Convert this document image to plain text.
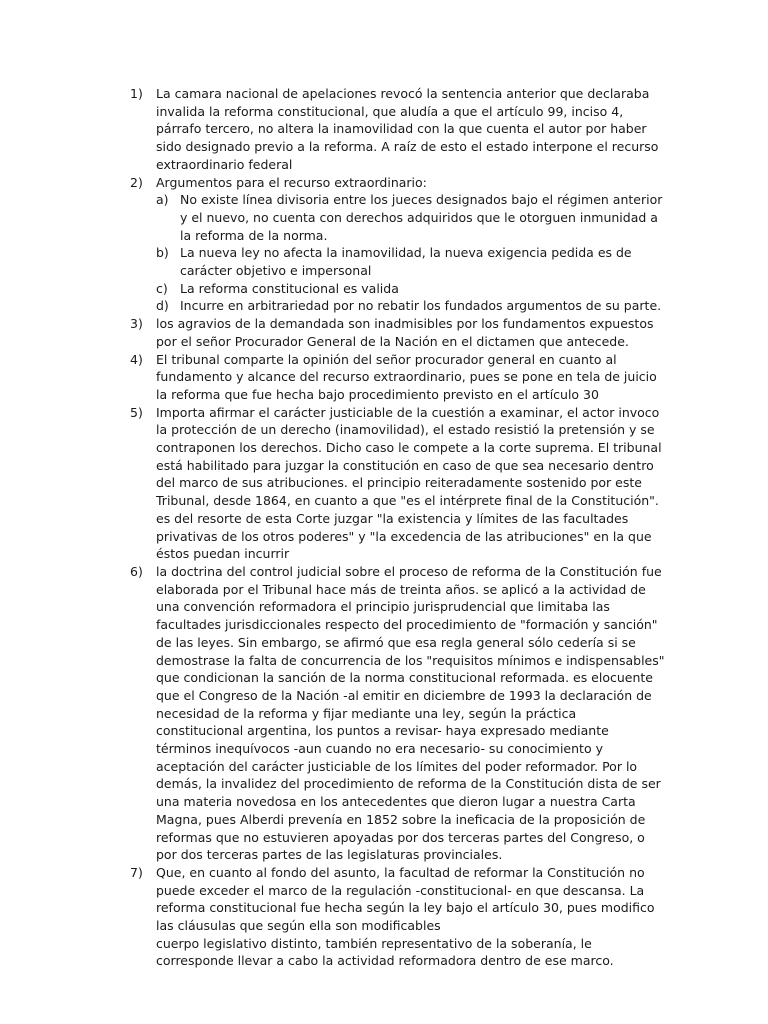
1) La camara nacional de apelaciones revocó la sentencia anterior que declaraba invalida la reforma constitucional, que aludía a que el artículo 99, inciso 4, párrafo tercero, no altera la inamovilidad con la que cuenta el autor por haber sido designado previo a la reforma. A raíz de esto el estado interpone el recurso extraordinario federal

2) Argumentos para el recurso extraordinario:

a) No existe línea divisoria entre los jueces designados bajo el régimen anterior y el nuevo, no cuenta con derechos adquiridos que le otorguen inmunidad a la reforma de la norma.

b) La nueva ley no afecta la inamovilidad, la nueva exigencia pedida es de carácter objetivo e impersonal

c) La reforma constitucional es valida

d) Incurre en arbitrariedad por no rebatir los fundados argumentos de su parte.

3) los agravios de la demandada son inadmisibles por los fundamentos expuestos por el señor Procurador General de la Nación en el dictamen que antecede.

4) El tribunal comparte la opinión del señor procurador general en cuanto al fundamento y alcance del recurso extraordinario, pues se pone en tela de juicio la reforma que fue hecha bajo procedimiento previsto en el artículo 30

5) Importa afirmar el carácter justiciable de la cuestión a examinar, el actor invoco la protección de un derecho (inamovilidad), el estado resistió la pretensión y se contraponen los derechos. Dicho caso le compete a la corte suprema. El tribunal está habilitado para juzgar la constitución en caso de que sea necesario dentro del marco de sus atribuciones. el principio reiteradamente sostenido por este Tribunal, desde 1864, en cuanto a que "es el intérprete final de la Constitución". es del resorte de esta Corte juzgar "la existencia y límites de las facultades privativas de los otros poderes" y "la excedencia de las atribuciones" en la que éstos puedan incurrir

6) la doctrina del control judicial sobre el proceso de reforma de la Constitución fue elaborada por el Tribunal hace más de treinta años. se aplicó a la actividad de una convención reformadora el principio jurisprudencial que limitaba las facultades jurisdiccionales respecto del procedimiento de "formación y sanción" de las leyes. Sin embargo, se afirmó que esa regla general sólo cedería si se demostrase la falta de concurrencia de los "requisitos mínimos e indispensables" que condicionan la sanción de la norma constitucional reformada. es elocuente que el Congreso de la Nación -al emitir en diciembre de 1993 la declaración de necesidad de la reforma y fijar mediante una ley, según la práctica constitucional argentina, los puntos a revisar- haya expresado mediante términos inequívocos -aun cuando no era necesario- su conocimiento y aceptación del carácter justiciable de los límites del poder reformador. Por lo demás, la invalidez del procedimiento de reforma de la Constitución dista de ser una materia novedosa en los antecedentes que dieron lugar a nuestra Carta Magna, pues Alberdi prevenía en 1852 sobre la ineficacia de la proposición de reformas que no estuvieren apoyadas por dos terceras partes del Congreso, o por dos terceras partes de las legislaturas provinciales.

7) Que, en cuanto al fondo del asunto, la facultad de reformar la Constitución no puede exceder el marco de la regulación -constitucional- en que descansa. La reforma constitucional fue hecha según la ley bajo el artículo 30, pues modifico las cláusulas que según ella son modificables

cuerpo legislativo distinto, también representativo de la soberanía, le corresponde llevar a cabo la actividad reformadora dentro de ese marco.
